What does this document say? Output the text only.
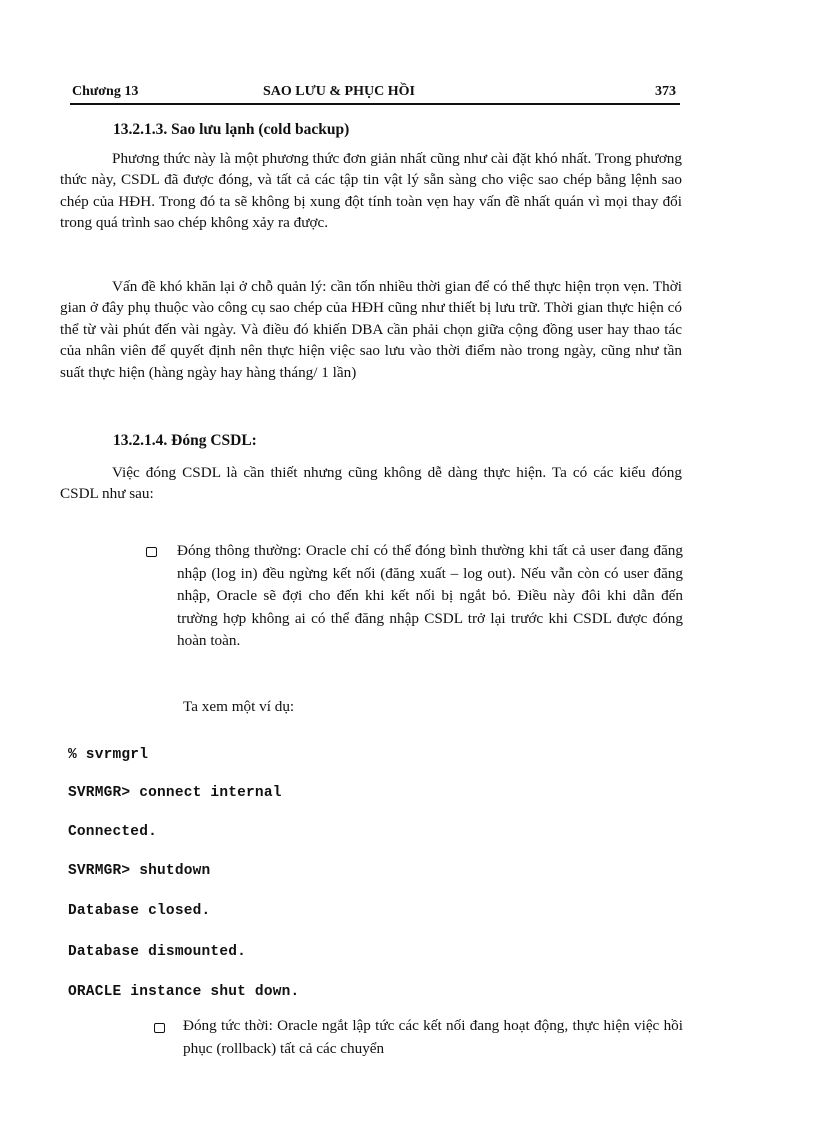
Chương 13	SAO LƯU & PHỤC HỒI	373
13.2.1.3. Sao lưu lạnh (cold backup)

Phương thức này là một phương thức đơn giản nhất cũng như cài đặt khó nhất. Trong phương thức này, CSDL đã được đóng, và tất cả các tập tin vật lý sẵn sàng cho việc sao chép bằng lệnh sao chép của HĐH. Trong đó ta sẽ không bị xung đột tính toàn vẹn hay vấn đề nhất quán vì mọi thay đổi trong quá trình sao chép không xảy ra được.

Vấn đề khó khăn lại ở chỗ quản lý: cần tốn nhiều thời gian để có thể thực hiện trọn vẹn. Thời gian ở đây phụ thuộc vào công cụ sao chép của HĐH cũng như thiết bị lưu trữ. Thời gian thực hiện có thể từ vài phút đến vài ngày. Và điều đó khiến DBA cần phải chọn giữa cộng đồng user hay thao tác của nhân viên để quyết định nên thực hiện việc sao lưu vào thời điểm nào trong ngày, cũng như tần suất thực hiện (hàng ngày hay hàng tháng/ 1 lần)

13.2.1.4. Đóng CSDL:

Việc đóng CSDL là cần thiết nhưng cũng không dễ dàng thực hiện. Ta có các kiểu đóng CSDL như sau:

Đóng thông thường: Oracle chỉ có thể đóng bình thường khi tất cả user đang đăng nhập (log in) đều ngừng kết nối (đăng xuất – log out). Nếu vẫn còn có user đăng nhập, Oracle sẽ đợi cho đến khi kết nối bị ngắt bỏ. Điều này đôi khi dẫn đến trường hợp không ai có thể đăng nhập CSDL trở lại trước khi CSDL được đóng hoàn toàn.

Ta xem một ví dụ:
% svrmgrl
SVRMGR> connect internal
Connected.
SVRMGR> shutdown
Database closed.
Database dismounted.
ORACLE instance shut down.

Đóng tức thời: Oracle ngắt lập tức các kết nối đang hoạt động, thực hiện việc hồi phục (rollback) tất cả các chuyển
